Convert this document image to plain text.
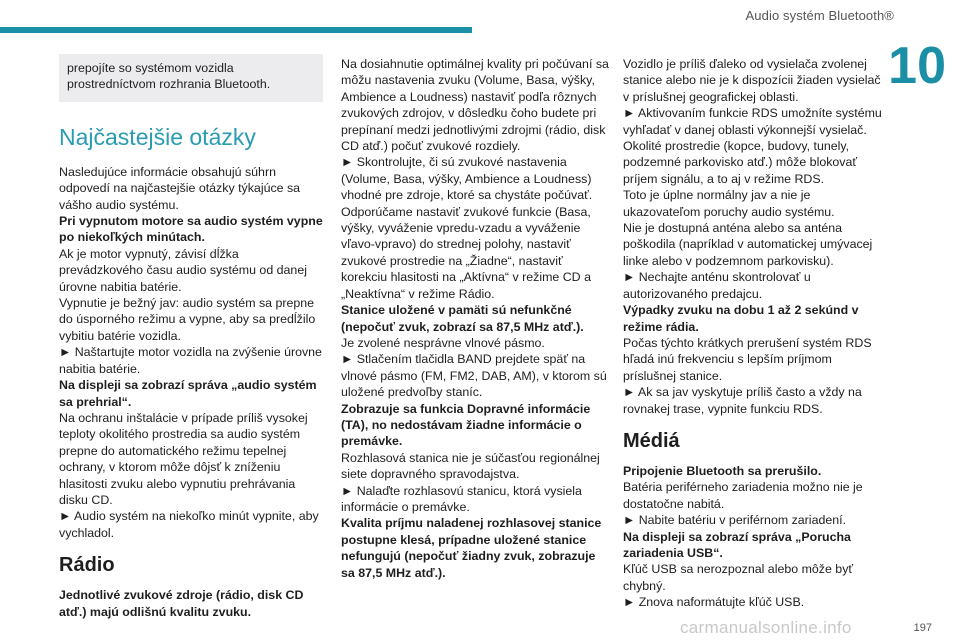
Audio systém Bluetooth®
10

prepojíte so systémom vozidla prostredníctvom rozhrania Bluetooth.

Najčastejšie otázky

Nasledujúce informácie obsahujú súhrn odpovedí na najčastejšie otázky týkajúce sa vášho audio systému.

Pri vypnutom motore sa audio systém vypne po niekoľkých minútach.

Ak je motor vypnutý, závisí dĺžka prevádzkového času audio systému od danej úrovne nabitia batérie.

Vypnutie je bežný jav: audio systém sa prepne do úsporného režimu a vypne, aby sa predĺžilo vybitiu batérie vozidla.

► Naštartujte motor vozidla na zvýšenie úrovne nabitia batérie.

Na displeji sa zobrazí správa „audio systém sa prehrial“.

Na ochranu inštalácie v prípade príliš vysokej teploty okolitého prostredia sa audio systém prepne do automatického režimu tepelnej ochrany, v ktorom môže dôjsť k zníženiu hlasitosti zvuku alebo vypnutiu prehrávania disku CD.

► Audio systém na niekoľko minút vypnite, aby vychladol.

Rádio

Jednotlivé zvukové zdroje (rádio, disk CD atď.) majú odlišnú kvalitu zvuku.

Na dosiahnutie optimálnej kvality pri počúvaní sa môžu nastavenia zvuku (Volume, Basa, výšky, Ambience a Loudness) nastaviť podľa rôznych zvukových zdrojov, v dôsledku čoho budete pri prepínaní medzi jednotlivými zdrojmi (rádio, disk CD atď.) počuť zvukové rozdiely.

► Skontrolujte, či sú zvukové nastavenia (Volume, Basa, výšky, Ambience a Loudness) vhodné pre zdroje, ktoré sa chystáte počúvať. Odporúčame nastaviť zvukové funkcie (Basa, výšky, vyváženie vpredu-vzadu a vyváženie vľavo-vpravo) do strednej polohy, nastaviť zvukové prostredie na „Žiadne“, nastaviť korekciu hlasitosti na „Aktívna“ v režime CD a „Neaktívna“ v režime Rádio.

Stanice uložené v pamäti sú nefunkčné (nepočuť zvuk, zobrazí sa 87,5 MHz atď.).

Je zvolené nesprávne vlnové pásmo.

► Stlačením tlačidla BAND prejdete späť na vlnové pásmo (FM, FM2, DAB, AM), v ktorom sú uložené predvoľby staníc.

Zobrazuje sa funkcia Dopravné informácie (TA), no nedostávam žiadne informácie o premávke.

Rozhlasová stanica nie je súčasťou regionálnej siete dopravného spravodajstva.

► Nalaďte rozhlasovú stanicu, ktorá vysiela informácie o premávke.

Kvalita príjmu naladenej rozhlasovej stanice postupne klesá, prípadne uložené stanice nefungujú (nepočuť žiadny zvuk, zobrazuje sa 87,5 MHz atď.).

Vozidlo je príliš ďaleko od vysielača zvolenej stanice alebo nie je k dispozícii žiaden vysielač v príslušnej geografickej oblasti.

► Aktivovaním funkcie RDS umožníte systému vyhľadať v danej oblasti výkonnejší vysielač.

Okolité prostredie (kopce, budovy, tunely, podzemné parkovisko atď.) môže blokovať príjem signálu, a to aj v režime RDS.

Toto je úplne normálny jav a nie je ukazovateľom poruchy audio systému.

Nie je dostupná anténa alebo sa anténa poškodila (napríklad v automatickej umývacej linke alebo v podzemnom parkovisku).

► Nechajte anténu skontrolovať u autorizovaného predajcu.

Výpadky zvuku na dobu 1 až 2 sekúnd v režime rádia.

Počas týchto krátkych prerušení systém RDS hľadá inú frekvenciu s lepším príjmom príslušnej stanice.

► Ak sa jav vyskytuje príliš často a vždy na rovnakej trase, vypnite funkciu RDS.

Médiá

Pripojenie Bluetooth sa prerušilo.

Batéria periférneho zariadenia možno nie je dostatočne nabitá.

► Nabite batériu v periférnom zariadení.

Na displeji sa zobrazí správa „Porucha zariadenia USB“.

Kľúč USB sa nerozpoznal alebo môže byť chybný.

► Znova naformátujte kľúč USB.

carmanualsonline.info	197
